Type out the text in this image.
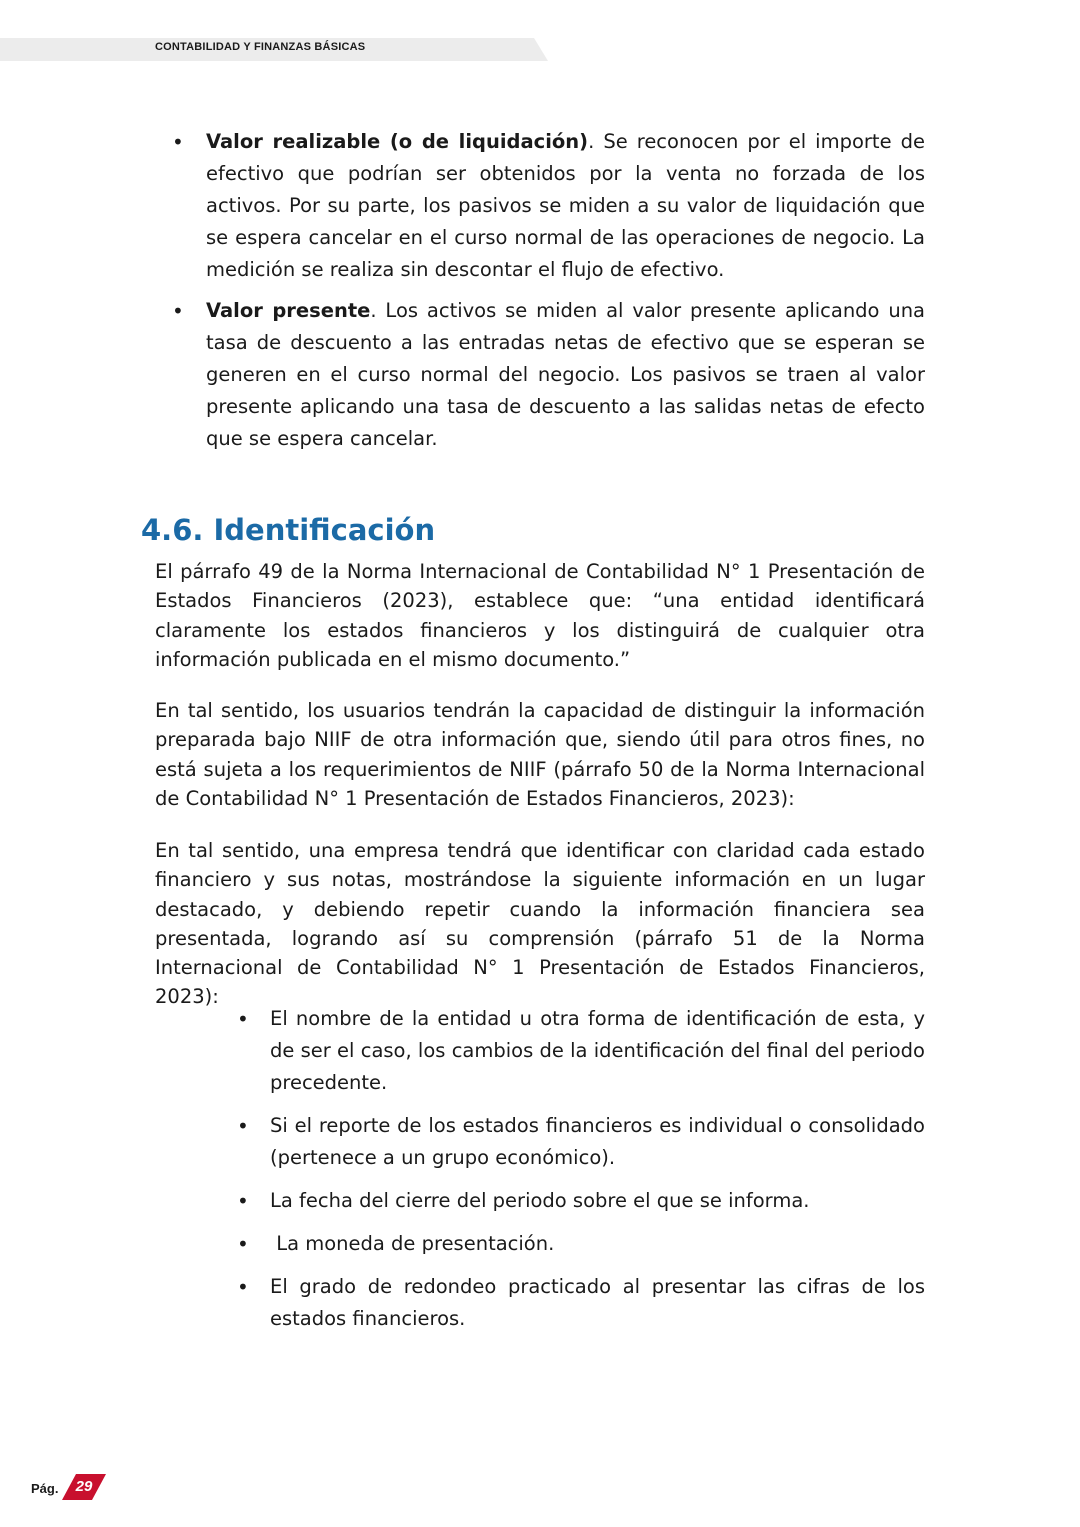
CONTABILIDAD Y FINANZAS BÁSICAS
• Valor realizable (o de liquidación). Se reconocen por el importe de efectivo que podrían ser obtenidos por la venta no forzada de los activos. Por su parte, los pasivos se miden a su valor de liquidación que se espera cancelar en el curso normal de las operaciones de negocio. La medición se realiza sin descontar el flujo de efectivo.
• Valor presente. Los activos se miden al valor presente aplicando una tasa de descuento a las entradas netas de efectivo que se esperan se generen en el curso normal del negocio. Los pasivos se traen al valor presente aplicando una tasa de descuento a las salidas netas de efecto que se espera cancelar.
4.6. Identificación

El párrafo 49 de la Norma Internacional de Contabilidad N° 1 Presentación de Estados Financieros (2023), establece que: “una entidad identificará claramente los estados financieros y los distinguirá de cualquier otra información publicada en el mismo documento.”

En tal sentido, los usuarios tendrán la capacidad de distinguir la información preparada bajo NIIF de otra información que, siendo útil para otros fines, no está sujeta a los requerimientos de NIIF (párrafo 50 de la Norma Internacional de Contabilidad N° 1 Presentación de Estados Financieros, 2023):

En tal sentido, una empresa tendrá que identificar con claridad cada estado financiero y sus notas, mostrándose la siguiente información en un lugar destacado, y debiendo repetir cuando la información financiera sea presentada, logrando así su comprensión (párrafo 51 de la Norma Internacional de Contabilidad N° 1 Presentación de Estados Financieros, 2023):

• El nombre de la entidad u otra forma de identificación de esta, y de ser el caso, los cambios de la identificación del final del periodo precedente.
• Si el reporte de los estados financieros es individual o consolidado (pertenece a un grupo económico).
• La fecha del cierre del periodo sobre el que se informa.
•  La moneda de presentación.
• El grado de redondeo practicado al presentar las cifras de los estados financieros.
Pág.	29
